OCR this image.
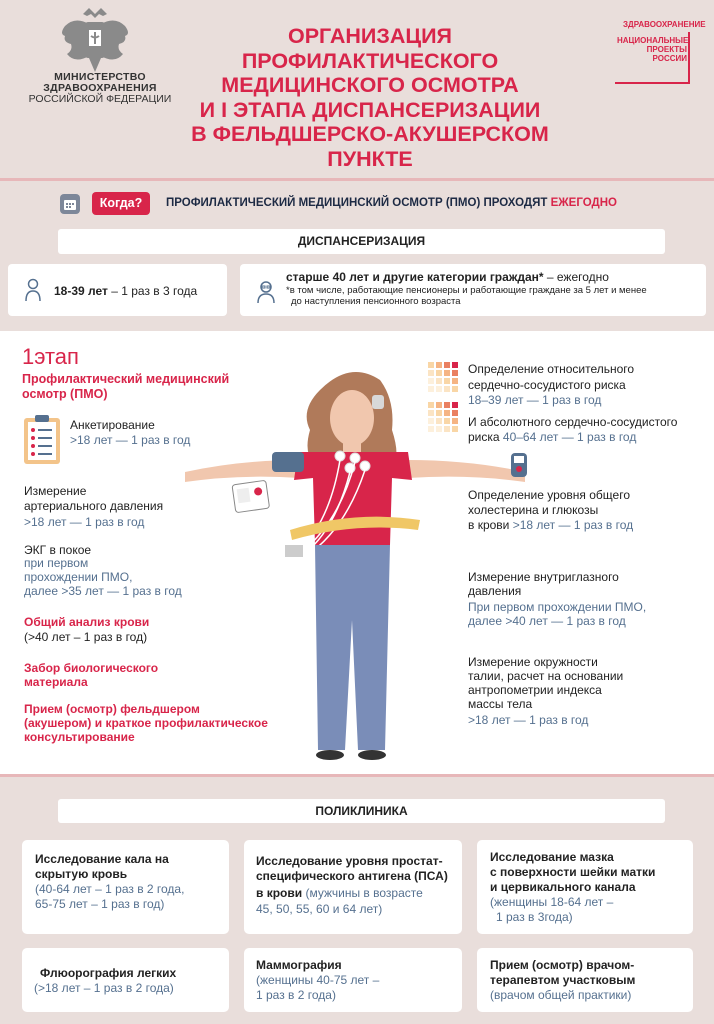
МИНИСТЕРСТВО
ЗДРАВООХРАНЕНИЯ
РОССИЙСКОЙ ФЕДЕРАЦИИ
ОРГАНИЗАЦИЯ
ПРОФИЛАКТИЧЕСКОГО
МЕДИЦИНСКОГО ОСМОТРА
И I ЭТАПА ДИСПАНСЕРИЗАЦИИ
В ФЕЛЬДШЕРСКО-АКУШЕРСКОМ ПУНКТЕ
ЗДРАВООХРАНЕНИЕ
НАЦИОНАЛЬНЫЕ
ПРОЕКТЫ
РОССИИ
Когда?	ПРОФИЛАКТИЧЕСКИЙ МЕДИЦИНСКИЙ ОСМОТР (ПМО) ПРОХОДЯТ ЕЖЕГОДНО
ДИСПАНСЕРИЗАЦИЯ
18-39 лет – 1 раз в 3 года
старше 40 лет и другие категории граждан* – ежегодно
*в том числе, работающие пенсионеры и работающие граждане за 5 лет и менее
до наступления пенсионного возраста
1этап
Профилактический медицинский
осмотр (ПМО)
Анкетирование
>18 лет — 1 раз в год
Измерение
артериального давления
>18 лет — 1 раз в год
ЭКГ в покое
при первом
прохождении ПМО,
далее >35 лет — 1 раз в год
Общий анализ крови
(>40 лет – 1 раз в год)
Забор биологического
материала
Прием (осмотр) фельдшером
(акушером) и краткое профилактическое
консультирование
Определение относительного
сердечно-сосудистого риска
18–39 лет — 1 раз в год
И абсолютного сердечно-сосудистого
риска 40–64 лет — 1 раз в год
Определение уровня общего
холестерина и глюкозы
в крови >18 лет — 1 раз в год
Измерение внутриглазного
давления
При первом прохождении ПМО,
далее >40 лет — 1 раз в год
Измерение окружности
талии, расчет на основании
антропометрии индекса
массы тела
>18 лет — 1 раз в год
ПОЛИКЛИНИКА
Исследование кала на
скрытую кровь
(40-64 лет – 1 раз в 2 года,
65-75 лет – 1 раз в год)
Исследование уровня простат-
специфического антигена (ПСА)
в крови (мужчины в возрасте
45, 50, 55, 60 и 64 лет)
Исследование мазка
с поверхности шейки матки
и цервикального канала
(женщины 18-64 лет –
1 раз в 3года)
Флюорография легких
(>18 лет – 1 раз в 2 года)
Маммография
(женщины 40-75 лет –
1 раз в 2 года)
Прием (осмотр) врачом-
терапевтом участковым
(врачом общей практики)
